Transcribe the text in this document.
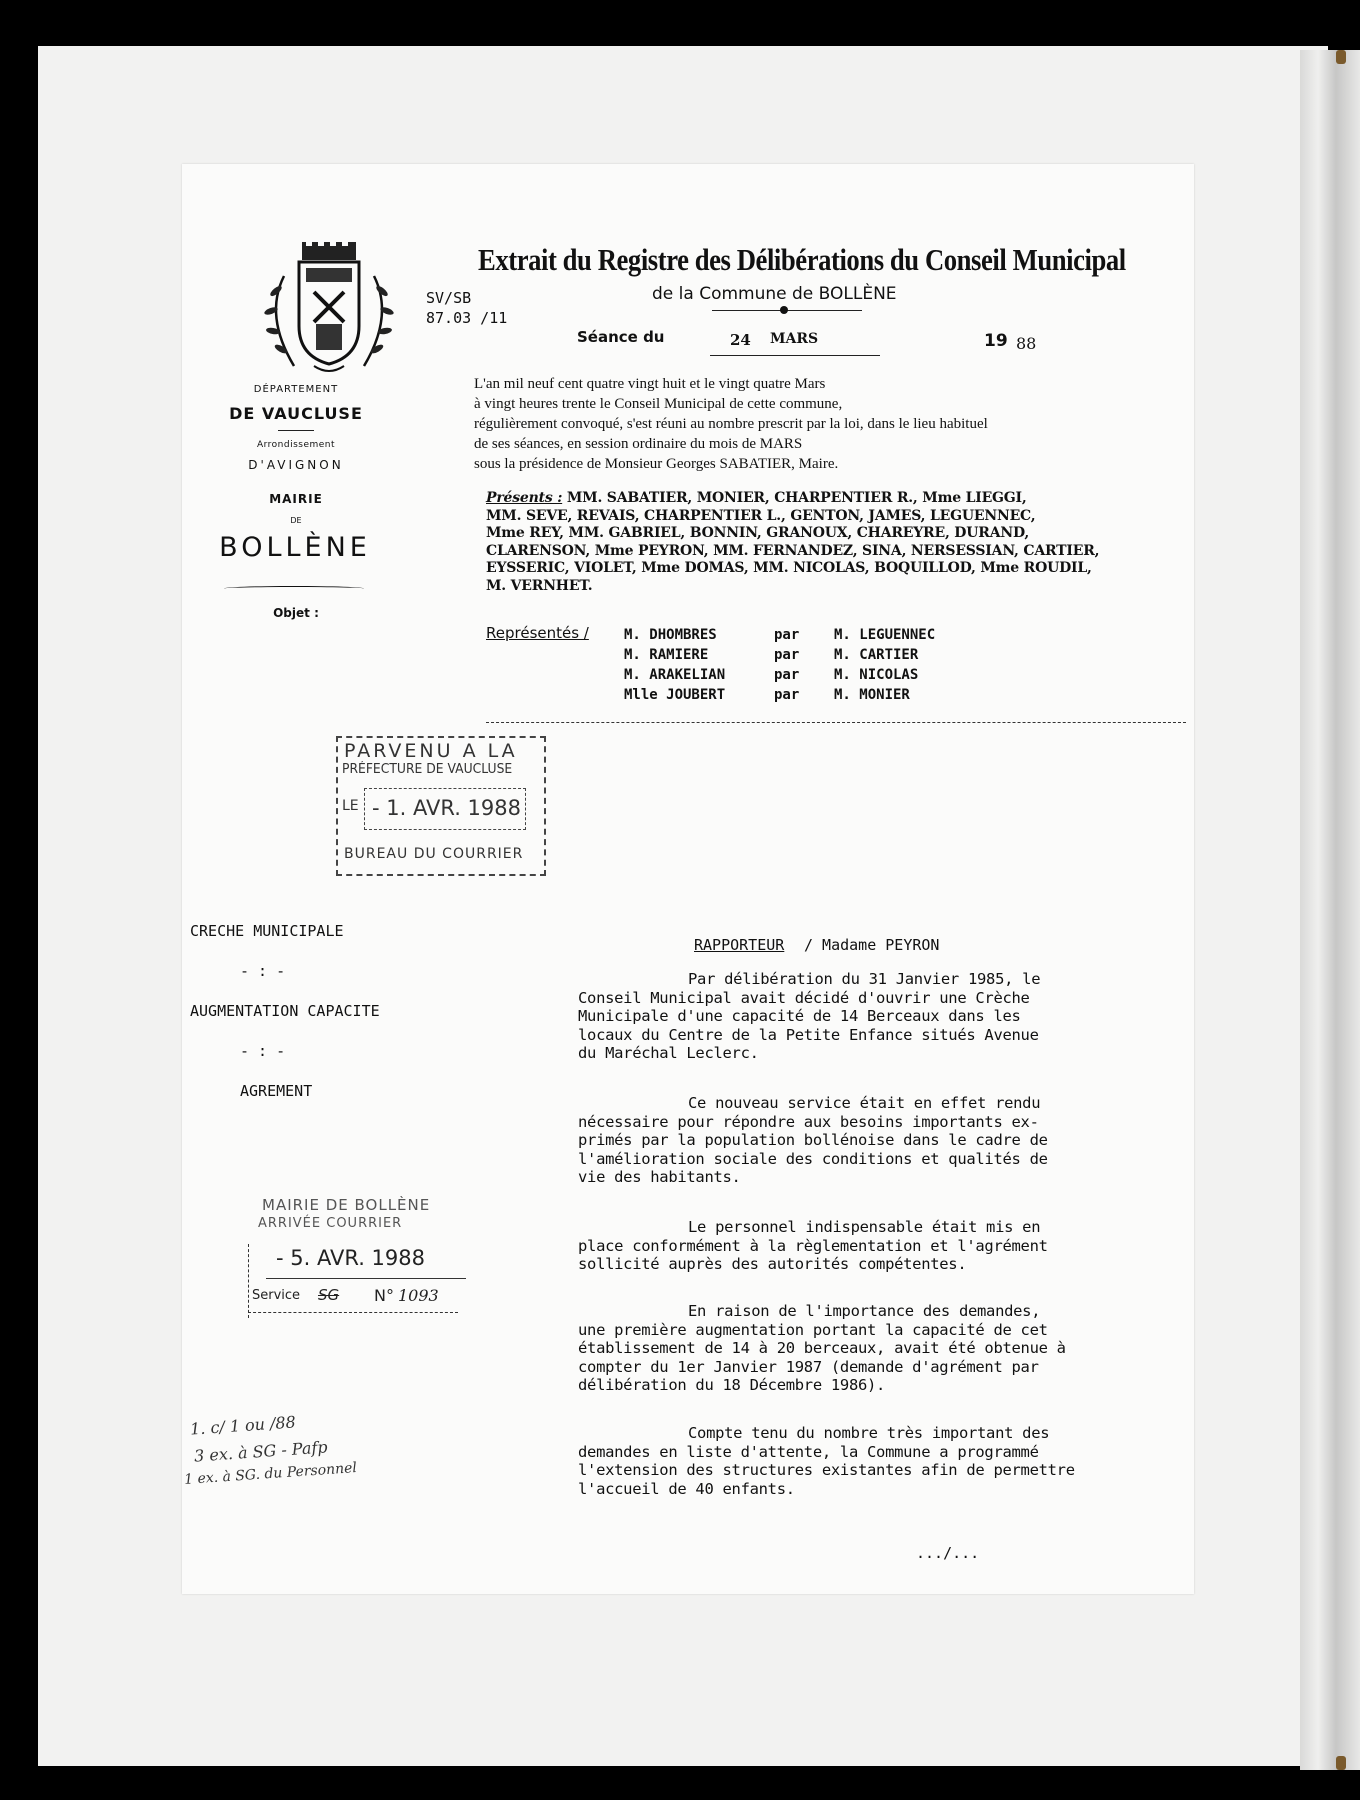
Extrait du Registre des Délibérations du Conseil Municipal
de la Commune de BOLLÈNE
SV/SB
87.03 /11
Séance du	24 MARS	19 88
DÉPARTEMENT
DE VAUCLUSE
Arrondissement
D'AVIGNON
MAIRIE
DE
BOLLÈNE
Objet :
L'an mil neuf cent quatre vingt huit et le vingt quatre Mars
à vingt heures trente le Conseil Municipal de cette commune,
régulièrement convoqué, s'est réuni au nombre prescrit par la loi, dans le lieu habituel
de ses séances, en session ordinaire du mois de MARS
sous la présidence de Monsieur Georges SABATIER, Maire.
Présents : MM. SABATIER, MONIER, CHARPENTIER R., Mme LIEGGI,
MM. SEVE, REVAIS, CHARPENTIER L., GENTON, JAMES, LEGUENNEC,
Mme REY, MM. GABRIEL, BONNIN, GRANOUX, CHAREYRE, DURAND,
CLARENSON, Mme PEYRON, MM. FERNANDEZ, SINA, NERSESSIAN, CARTIER,
EYSSERIC, VIOLET, Mme DOMAS, MM. NICOLAS, BOQUILLOD, Mme ROUDIL,
M. VERNHET.
Représentés /	M. DHOMBRES	par M. LEGUENNEC
M. RAMIERE	par M. CARTIER
M. ARAKELIAN	par M. NICOLAS
Mlle JOUBERT	par M. MONIER
PARVENU A LA
PRÉFECTURE DE VAUCLUSE
LE - 1. AVR. 1988
BUREAU DU COURRIER
CRECHE MUNICIPALE
- : -
AUGMENTATION CAPACITE
- : -
AGREMENT
MAIRIE DE BOLLÈNE
ARRIVÉE COURRIER
- 5. AVR. 1988
Service SG N° 1093
1. c/ 1 ou /88
3 ex. à SG - Pafp
1 ex. à SG. du Personnel
RAPPORTEUR / Madame PEYRON
Par délibération du 31 Janvier 1985, le
Conseil Municipal avait décidé d'ouvrir une Crèche
Municipale d'une capacité de 14 Berceaux dans les
locaux du Centre de la Petite Enfance situés Avenue
du Maréchal Leclerc.
Ce nouveau service était en effet rendu
nécessaire pour répondre aux besoins importants ex-
primés par la population bollénoise dans le cadre de
l'amélioration sociale des conditions et qualités de
vie des habitants.
Le personnel indispensable était mis en
place conformément à la règlementation et l'agrément
sollicité auprès des autorités compétentes.
En raison de l'importance des demandes,
une première augmentation portant la capacité de cet
établissement de 14 à 20 berceaux, avait été obtenue à
compter du 1er Janvier 1987 (demande d'agrément par
délibération du 18 Décembre 1986).
Compte tenu du nombre très important des
demandes en liste d'attente, la Commune a programmé
l'extension des structures existantes afin de permettre
l'accueil de 40 enfants.
.../...
